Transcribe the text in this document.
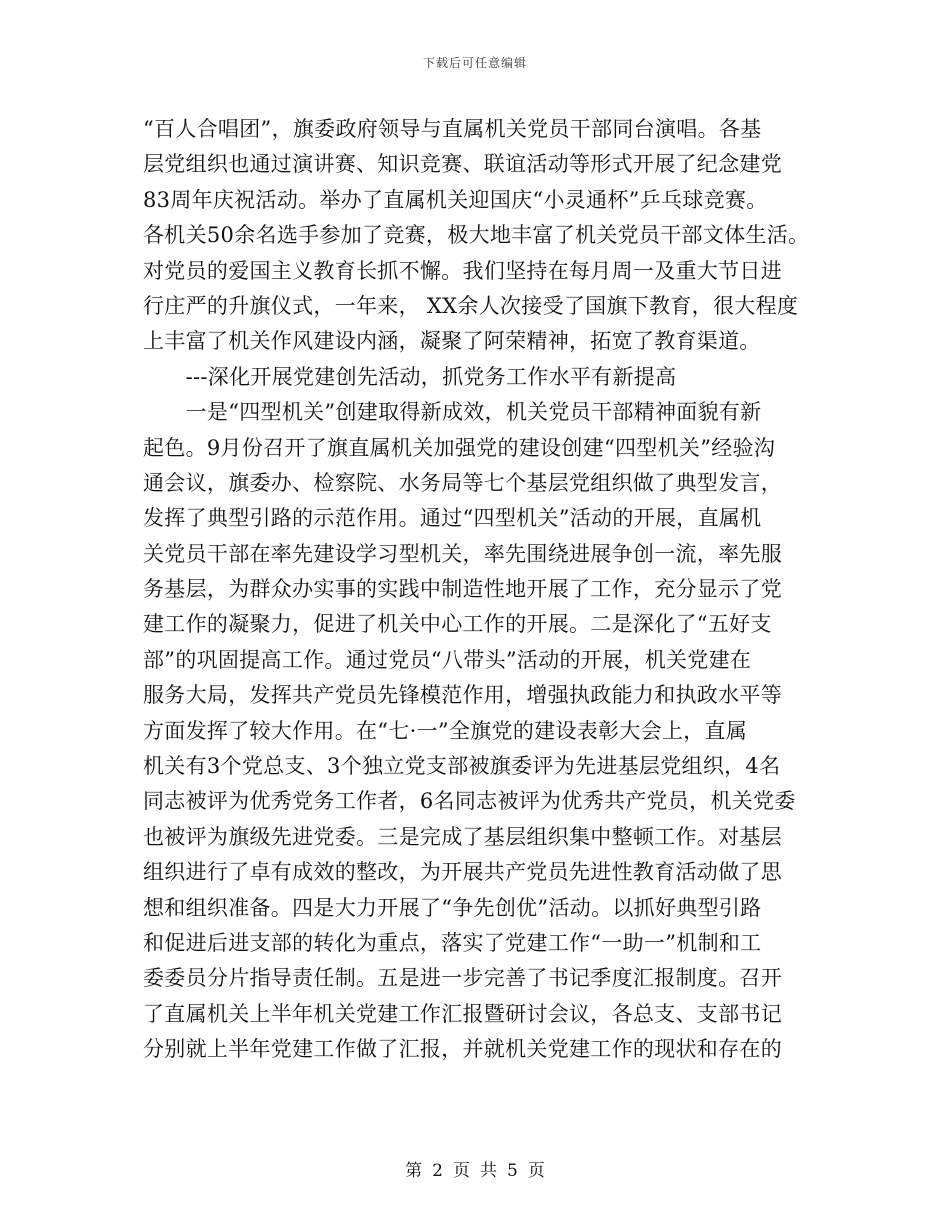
下载后可任意编辑
“百人合唱团”，旗委政府领导与直属机关党员干部同台演唱。各基
层党组织也通过演讲赛、知识竞赛、联谊活动等形式开展了纪念建党
83周年庆祝活动。举办了直属机关迎国庆“小灵通杯”乒乓球竞赛。
各机关50余名选手参加了竞赛，极大地丰富了机关党员干部文体生活。
对党员的爱国主义教育长抓不懈。我们坚持在每月周一及重大节日进
行庄严的升旗仪式，一年来， XX余人次接受了国旗下教育，很大程度
上丰富了机关作风建设内涵，凝聚了阿荣精神，拓宽了教育渠道。
　　---深化开展党建创先活动，抓党务工作水平有新提高
　　一是“四型机关”创建取得新成效，机关党员干部精神面貌有新
起色。9月份召开了旗直属机关加强党的建设创建“四型机关”经验沟
通会议，旗委办、检察院、水务局等七个基层党组织做了典型发言，
发挥了典型引路的示范作用。通过“四型机关”活动的开展，直属机
关党员干部在率先建设学习型机关，率先围绕进展争创一流，率先服
务基层，为群众办实事的实践中制造性地开展了工作，充分显示了党
建工作的凝聚力，促进了机关中心工作的开展。二是深化了“五好支
部”的巩固提高工作。通过党员“八带头”活动的开展，机关党建在
服务大局，发挥共产党员先锋模范作用，增强执政能力和执政水平等
方面发挥了较大作用。在“七·一”全旗党的建设表彰大会上，直属
机关有3个党总支、3个独立党支部被旗委评为先进基层党组织，4名
同志被评为优秀党务工作者，6名同志被评为优秀共产党员，机关党委
也被评为旗级先进党委。三是完成了基层组织集中整顿工作。对基层
组织进行了卓有成效的整改，为开展共产党员先进性教育活动做了思
想和组织准备。四是大力开展了“争先创优”活动。以抓好典型引路
和促进后进支部的转化为重点，落实了党建工作“一助一”机制和工
委委员分片指导责任制。五是进一步完善了书记季度汇报制度。召开
了直属机关上半年机关党建工作汇报暨研讨会议，各总支、支部书记
分别就上半年党建工作做了汇报，并就机关党建工作的现状和存在的
第 2 页 共 5 页
